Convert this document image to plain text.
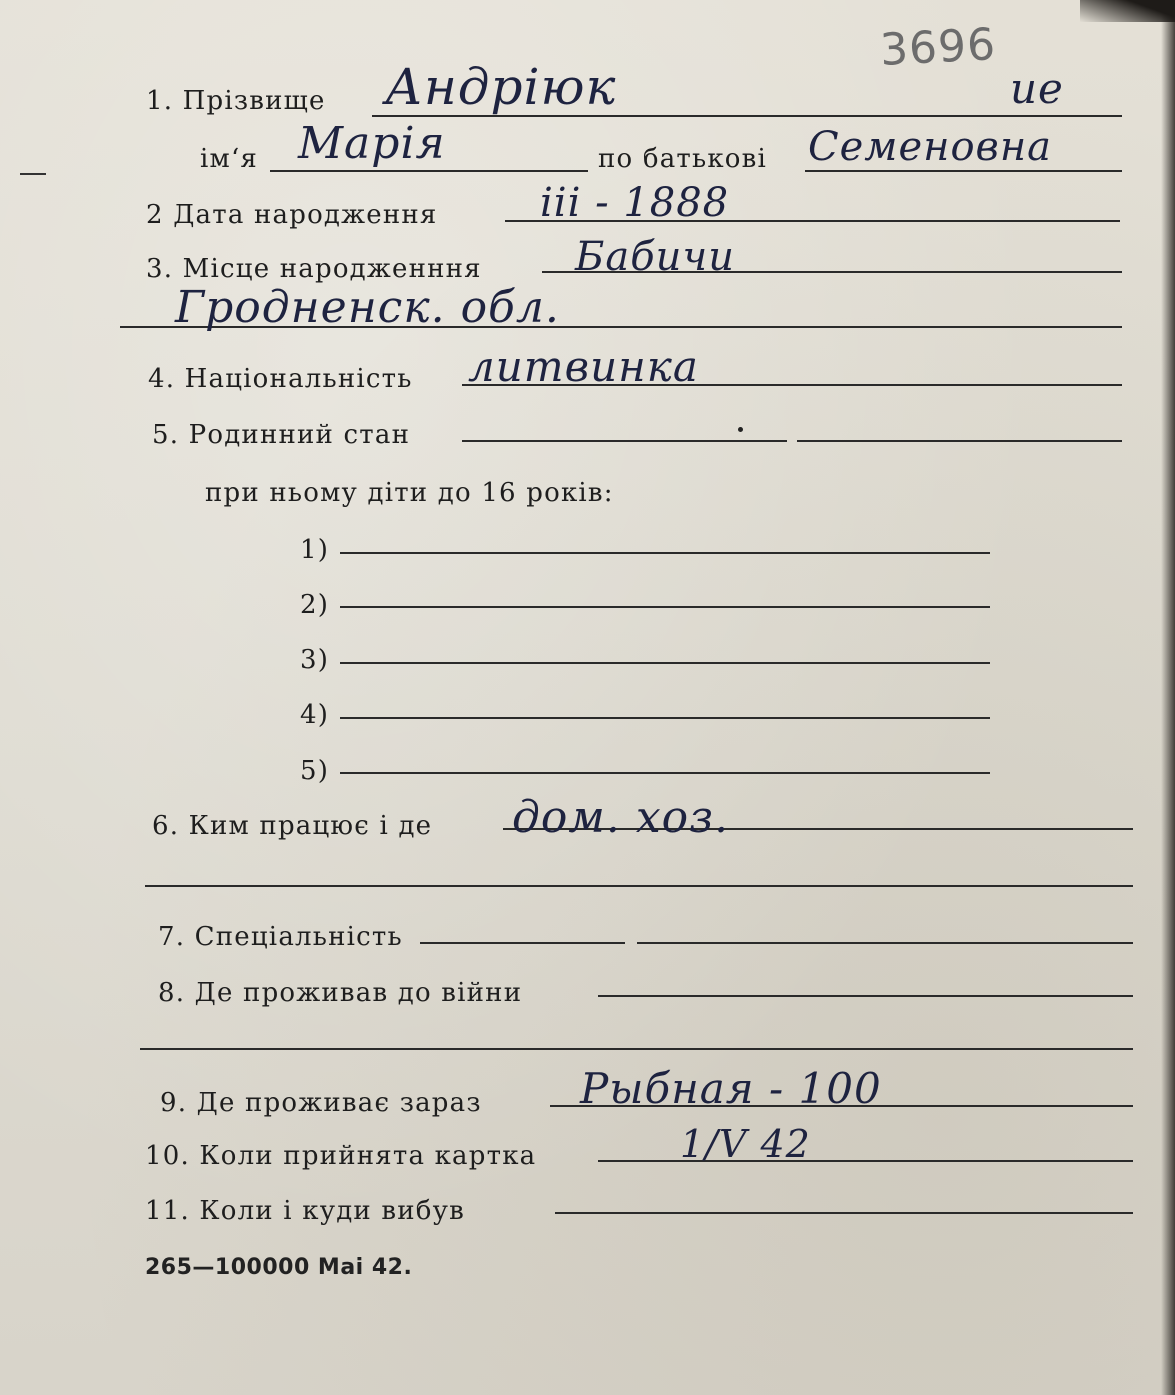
3696
1. Прізвище Андрiюк	ие
ім‘я Марiя	по батькові Семеновна
2 Дата народження	ііі - 1888
3. Місце народженння Бабичи
Гродненск. обл.
4. Національність литвинка
5. Родинний стан
при ньому діти до 16 років:
1)
2)
3)
4)
5)
6. Ким працює і де дом. хоз.
7. Спеціальність
8. Де проживав до війни
9. Де проживає зараз Рыбная - 100
10. Коли прийнята картка	1/V 42
11. Коли і куди вибув
265—100000 Mai 42.
